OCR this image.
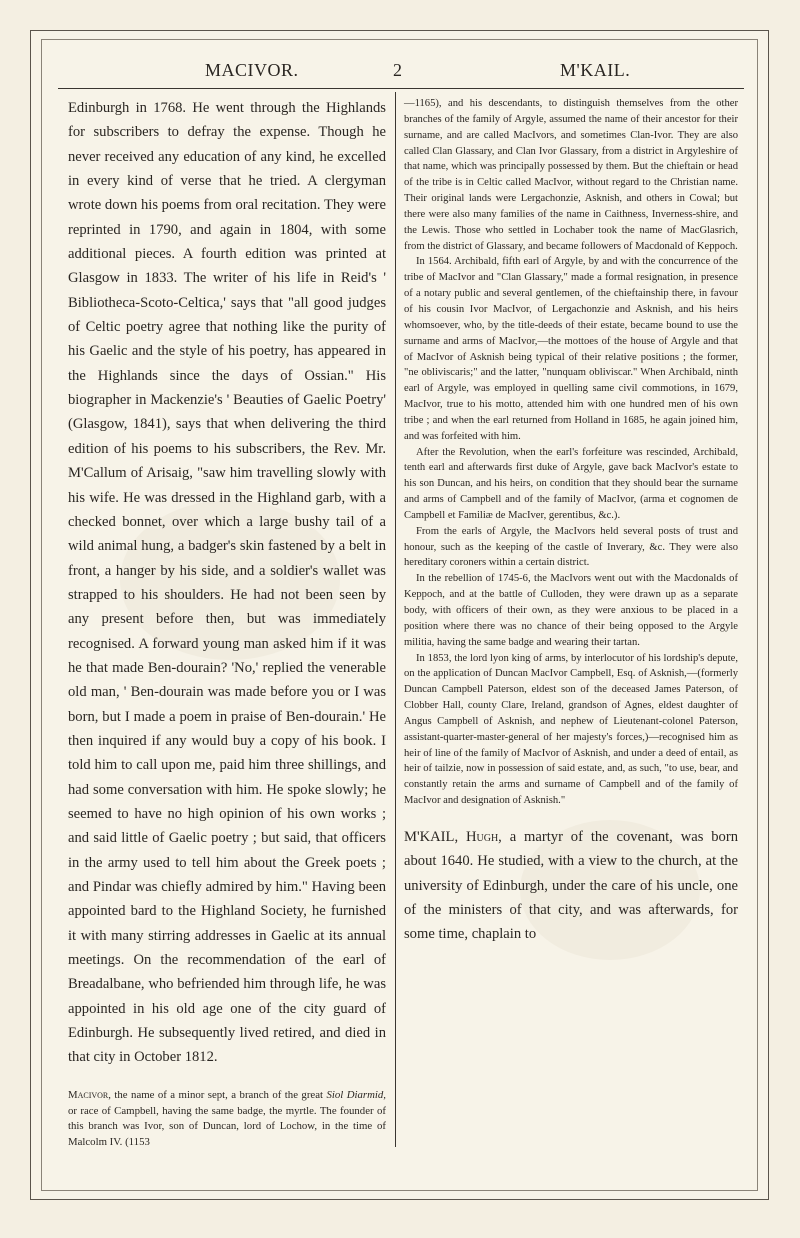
MACIVOR.	2	M'KAIL.

Edinburgh in 1768. He went through the Highlands for subscribers to defray the expense. Though he never received any education of any kind, he excelled in every kind of verse that he tried. A clergyman wrote down his poems from oral recitation. They were reprinted in 1790, and again in 1804, with some additional pieces. A fourth edition was printed at Glasgow in 1833. The writer of his life in Reid's ' Bibliotheca-Scoto-Celtica,' says that "all good judges of Celtic poetry agree that nothing like the purity of his Gaelic and the style of his poetry, has appeared in the Highlands since the days of Ossian." His biographer in Mackenzie's ' Beauties of Gaelic Poetry' (Glasgow, 1841), says that when delivering the third edition of his poems to his subscribers, the Rev. Mr. M'Callum of Arisaig, "saw him travelling slowly with his wife. He was dressed in the Highland garb, with a checked bonnet, over which a large bushy tail of a wild animal hung, a badger's skin fastened by a belt in front, a hanger by his side, and a soldier's wallet was strapped to his shoulders. He had not been seen by any present before then, but was immediately recognised. A forward young man asked him if it was he that made Ben-dourain? 'No,' replied the venerable old man, ' Ben-dourain was made before you or I was born, but I made a poem in praise of Ben-dourain.' He then inquired if any would buy a copy of his book. I told him to call upon me, paid him three shillings, and had some conversation with him. He spoke slowly; he seemed to have no high opinion of his own works ; and said little of Gaelic poetry ; but said, that officers in the army used to tell him about the Greek poets ; and Pindar was chiefly admired by him." Having been appointed bard to the Highland Society, he furnished it with many stirring addresses in Gaelic at its annual meetings. On the recommendation of the earl of Breadalbane, who befriended him through life, he was appointed in his old age one of the city guard of Edinburgh. He subsequently lived retired, and died in that city in October 1812.

Macivor, the name of a minor sept, a branch of the great Siol Diarmid, or race of Campbell, having the same badge, the myrtle. The founder of this branch was Ivor, son of Duncan, lord of Lochow, in the time of Malcolm IV. (1153

—1165), and his descendants, to distinguish themselves from the other branches of the family of Argyle, assumed the name of their ancestor for their surname, and are called MacIvors, and sometimes Clan-Ivor. They are also called Clan Glassary, and Clan Ivor Glassary, from a district in Argyleshire of that name, which was principally possessed by them. But the chieftain or head of the tribe is in Celtic called MacIvor, without regard to the Christian name. Their original lands were Lergachonzie, Asknish, and others in Cowal; but there were also many families of the name in Caithness, Inverness-shire, and the Lewis. Those who settled in Lochaber took the name of MacGlasrich, from the district of Glassary, and became followers of Macdonald of Keppoch.

In 1564. Archibald, fifth earl of Argyle, by and with the concurrence of the tribe of MacIvor and "Clan Glassary," made a formal resignation, in presence of a notary public and several gentlemen, of the chieftainship there, in favour of his cousin Ivor MacIvor, of Lergachonzie and Asknish, and his heirs whomsoever, who, by the title-deeds of their estate, became bound to use the surname and arms of MacIvor,—the mottoes of the house of Argyle and that of MacIvor of Asknish being typical of their relative positions ; the former, "ne obliviscaris;" and the latter, "nunquam obliviscar." When Archibald, ninth earl of Argyle, was employed in quelling same civil commotions, in 1679, MacIvor, true to his motto, attended him with one hundred men of his own tribe ; and when the earl returned from Holland in 1685, he again joined him, and was forfeited with him.

After the Revolution, when the earl's forfeiture was rescinded, Archibald, tenth earl and afterwards first duke of Argyle, gave back MacIvor's estate to his son Duncan, and his heirs, on condition that they should bear the surname and arms of Campbell and of the family of MacIvor, (arma et cognomen de Campbell et Familiæ de MacIver, gerentibus, &c.).

From the earls of Argyle, the MacIvors held several posts of trust and honour, such as the keeping of the castle of Inverary, &c. They were also hereditary coroners within a certain district.

In the rebellion of 1745-6, the MacIvors went out with the Macdonalds of Keppoch, and at the battle of Culloden, they were drawn up as a separate body, with officers of their own, as they were anxious to be placed in a position where there was no chance of their being opposed to the Argyle militia, having the same badge and wearing their tartan.

In 1853, the lord lyon king of arms, by interlocutor of his lordship's depute, on the application of Duncan MacIvor Campbell, Esq. of Asknish,—(formerly Duncan Campbell Paterson, eldest son of the deceased James Paterson, of Clobber Hall, county Clare, Ireland, grandson of Agnes, eldest daughter of Angus Campbell of Asknish, and nephew of Lieutenant-colonel Paterson, assistant-quarter-master-general of her majesty's forces,)—recognised him as heir of line of the family of MacIvor of Asknish, and under a deed of entail, as heir of tailzie, now in possession of said estate, and, as such, "to use, bear, and constantly retain the arms and surname of Campbell and of the family of MacIvor and designation of Asknish."

M'KAIL, Hugh, a martyr of the covenant, was born about 1640. He studied, with a view to the church, at the university of Edinburgh, under the care of his uncle, one of the ministers of that city, and was afterwards, for some time, chaplain to
